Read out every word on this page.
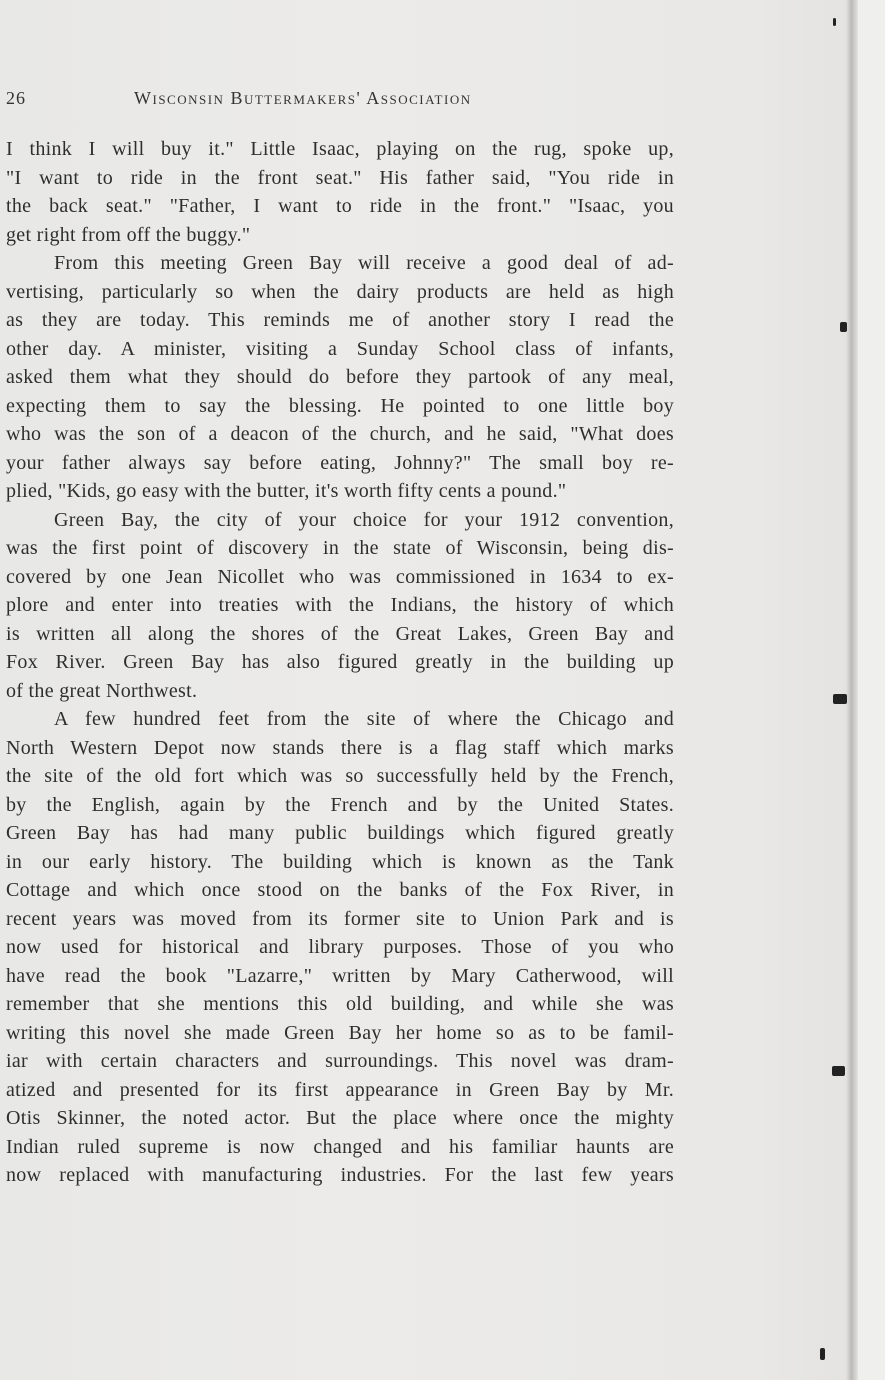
26	Wisconsin Buttermakers' Association
I think I will buy it." Little Isaac, playing on the rug, spoke up,
"I want to ride in the front seat." His father said, "You ride in
the back seat." "Father, I want to ride in the front." "Isaac, you
get right from off the buggy."
From this meeting Green Bay will receive a good deal of ad-
vertising, particularly so when the dairy products are held as high
as they are today. This reminds me of another story I read the
other day. A minister, visiting a Sunday School class of infants,
asked them what they should do before they partook of any meal,
expecting them to say the blessing. He pointed to one little boy
who was the son of a deacon of the church, and he said, "What does
your father always say before eating, Johnny?" The small boy re-
plied, "Kids, go easy with the butter, it's worth fifty cents a pound."
Green Bay, the city of your choice for your 1912 convention,
was the first point of discovery in the state of Wisconsin, being dis-
covered by one Jean Nicollet who was commissioned in 1634 to ex-
plore and enter into treaties with the Indians, the history of which
is written all along the shores of the Great Lakes, Green Bay and
Fox River. Green Bay has also figured greatly in the building up
of the great Northwest.
A few hundred feet from the site of where the Chicago and
North Western Depot now stands there is a flag staff which marks
the site of the old fort which was so successfully held by the French,
by the English, again by the French and by the United States.
Green Bay has had many public buildings which figured greatly
in our early history. The building which is known as the Tank
Cottage and which once stood on the banks of the Fox River, in
recent years was moved from its former site to Union Park and is
now used for historical and library purposes. Those of you who
have read the book "Lazarre," written by Mary Catherwood, will
remember that she mentions this old building, and while she was
writing this novel she made Green Bay her home so as to be famil-
iar with certain characters and surroundings. This novel was dram-
atized and presented for its first appearance in Green Bay by Mr.
Otis Skinner, the noted actor. But the place where once the mighty
Indian ruled supreme is now changed and his familiar haunts are
now replaced with manufacturing industries. For the last few years
